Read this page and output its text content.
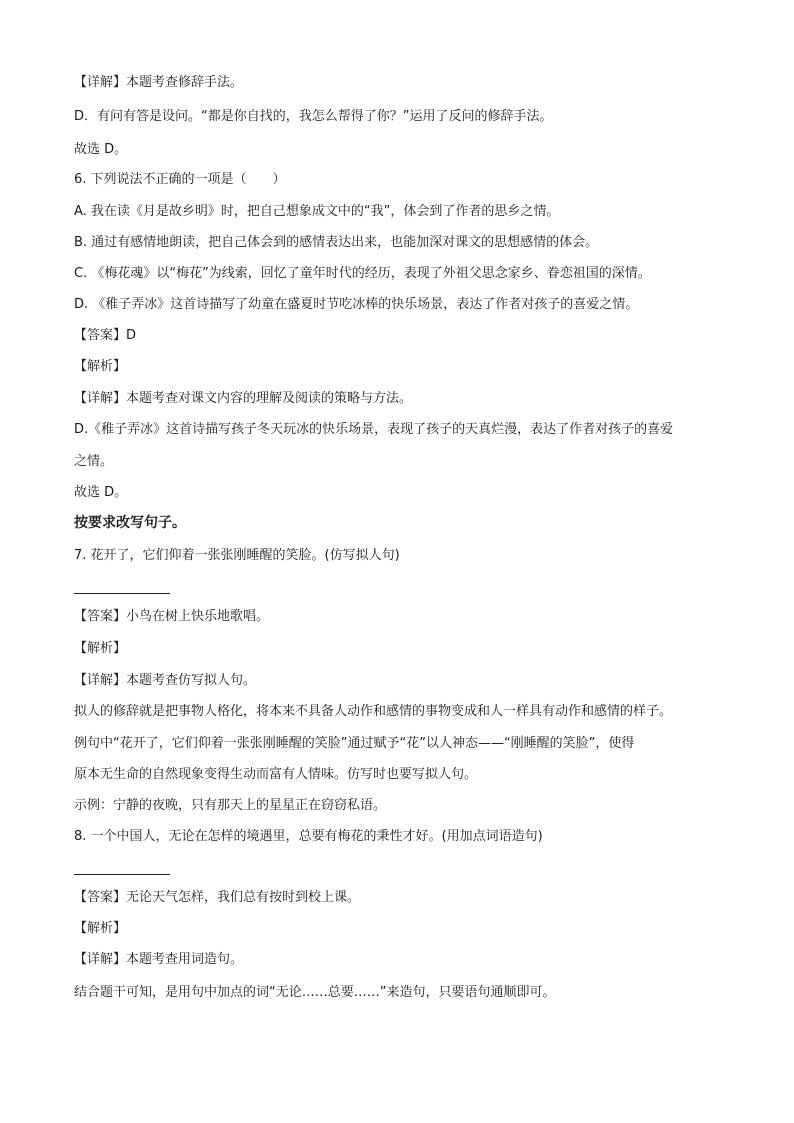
【详解】本题考查修辞手法。
D．有问有答是设问。“都是你自找的，我怎么帮得了你？”运用了反问的修辞手法。
故选 D。
6. 下列说法不正确的一项是（　　）
A. 我在读《月是故乡明》时，把自己想象成文中的“我”，体会到了作者的思乡之情。
B. 通过有感情地朗读，把自己体会到的感情表达出来，也能加深对课文的思想感情的体会。
C. 《梅花魂》以“梅花”为线索，回忆了童年时代的经历，表现了外祖父思念家乡、眷恋祖国的深情。
D. 《稚子弄冰》这首诗描写了幼童在盛夏时节吃冰棒的快乐场景，表达了作者对孩子的喜爱之情。
【答案】D
【解析】
【详解】本题考查对课文内容的理解及阅读的策略与方法。
D.《稚子弄冰》这首诗描写孩子冬天玩冰的快乐场景，表现了孩子的天真烂漫，表达了作者对孩子的喜爱
之情。
故选 D。
按要求改写句子。
7. 花开了，它们仰着一张张刚睡醒的笑脸。(仿写拟人句)
【答案】小鸟在树上快乐地歌唱。
【解析】
【详解】本题考查仿写拟人句。
拟人的修辞就是把事物人格化，将本来不具备人动作和感情的事物变成和人一样具有动作和感情的样子。
例句中“花开了，它们仰着一张张刚睡醒的笑脸”通过赋予“花”以人神态——“刚睡醒的笑脸”，使得
原本无生命的自然现象变得生动而富有人情味。仿写时也要写拟人句。
示例：宁静的夜晚，只有那天上的星星正在窃窃私语。
8. 一个中国人，无论在怎样的境遇里，总要有梅花的秉性才好。(用加点词语造句)
【答案】无论天气怎样，我们总有按时到校上课。
【解析】
【详解】本题考查用词造句。
结合题干可知，是用句中加点的词“无论……总要……”来造句，只要语句通顺即可。
